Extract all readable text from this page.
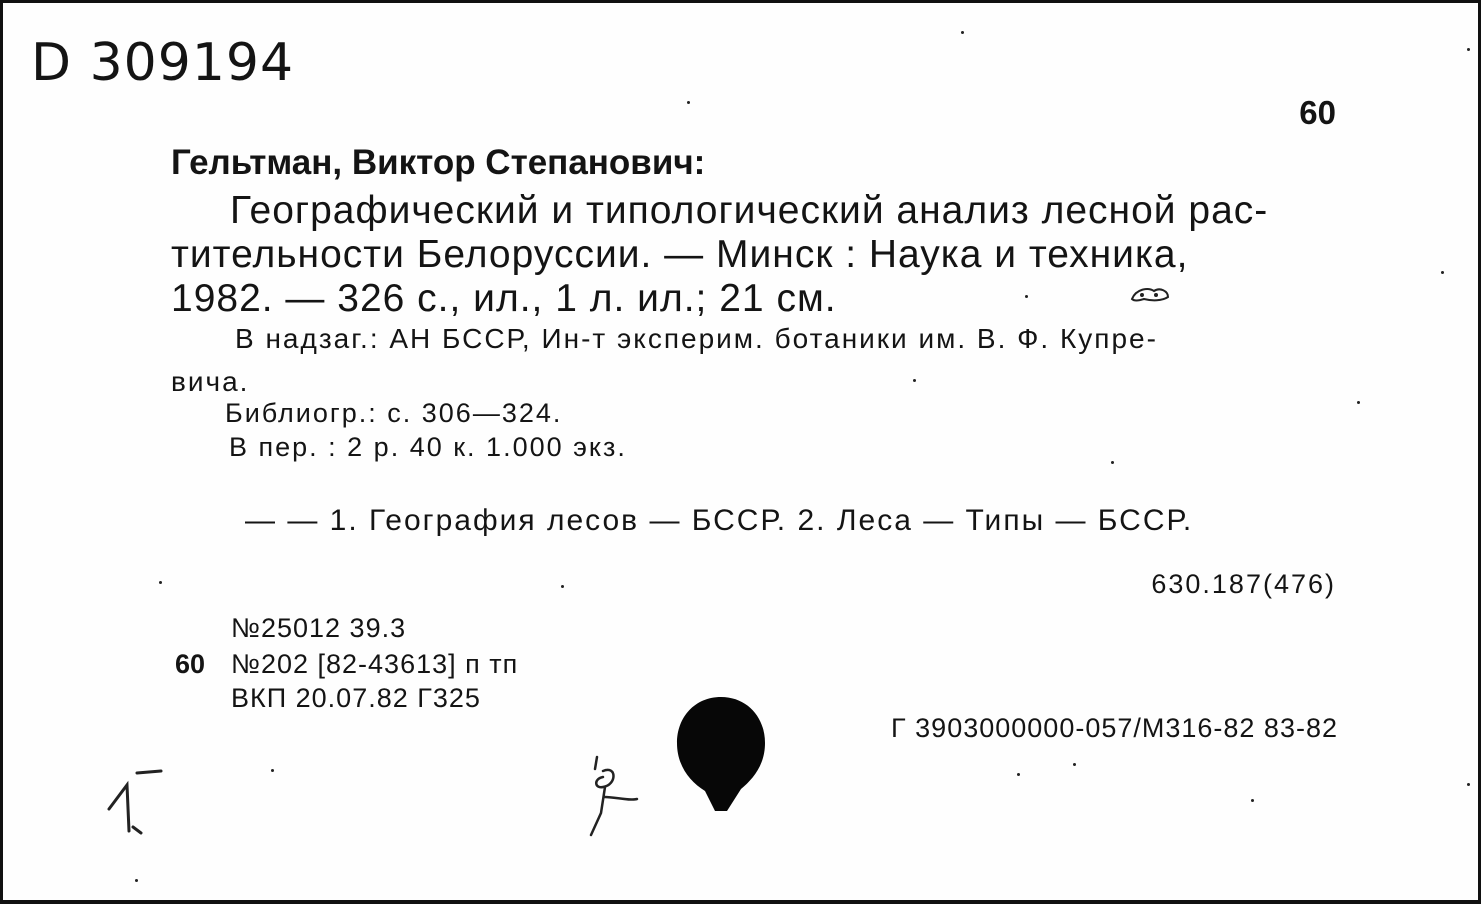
D 309194
60
Гельтман, Виктор Степанович:
Географический и типологический анализ лесной рас-
тительности Белоруссии. — Минск : Наука и техника,
1982. — 326 с., ил., 1 л. ил.; 21 см.
В надзаг.: АН БССР, Ин-т эксперим. ботаники им. В. Ф. Купре-
вича.
Библиогр.: с. 306—324.
В пер. : 2 р. 40 к. 1.000 экз.
— — 1. География лесов — БССР. 2. Леса — Типы — БССР.
630.187(476)
№25012 39.3
60 №202 [82-43613] п тп
ВКП 20.07.82 Г325
Г 3903000000-057/М316-82 83-82
